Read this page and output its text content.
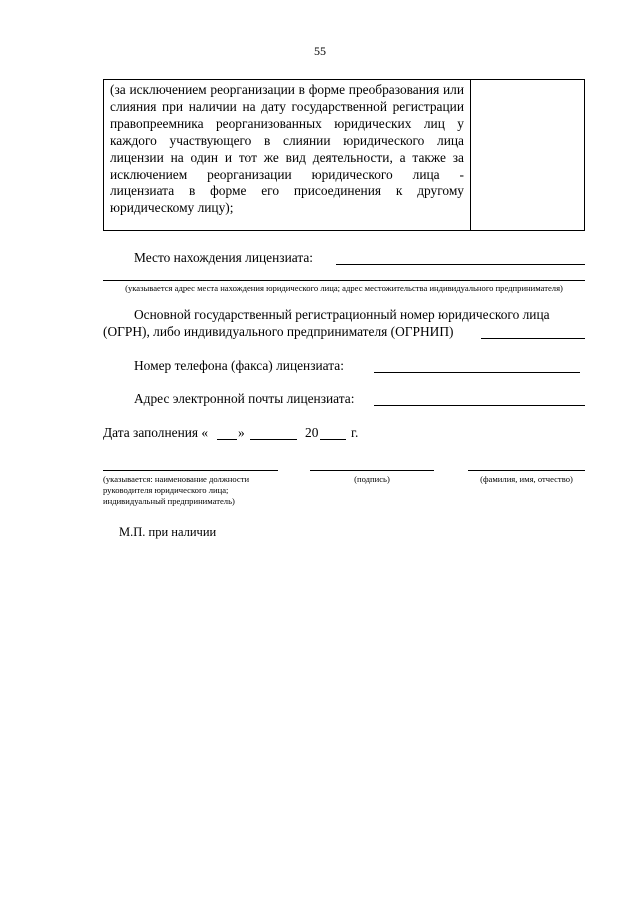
55
(за исключением реорганизации в форме преобразования или слияния при наличии на дату государственной регистрации правопреемника реорганизованных юридических лиц у каждого участвующего в слиянии юридического лица лицензии на один и тот же вид деятельности, а также за исключением реорганизации юридического лица - лицензиата в форме его присоединения к другому юридическому лицу);
Место нахождения лицензиата:
(указывается адрес места нахождения юридического лица; адрес местожительства индивидуального предпринимателя)
Основной государственный регистрационный номер юридического лица
(ОГРН), либо индивидуального предпринимателя (ОГРНИП)
Номер телефона (факса) лицензиата:
Адрес электронной почты лицензиата:
Дата заполнения « »	20 г.
(указывается: наименование должности руководителя юридического лица; индивидуальный предприниматель)
(подпись)	(фамилия, имя, отчество)
М.П. при наличии
